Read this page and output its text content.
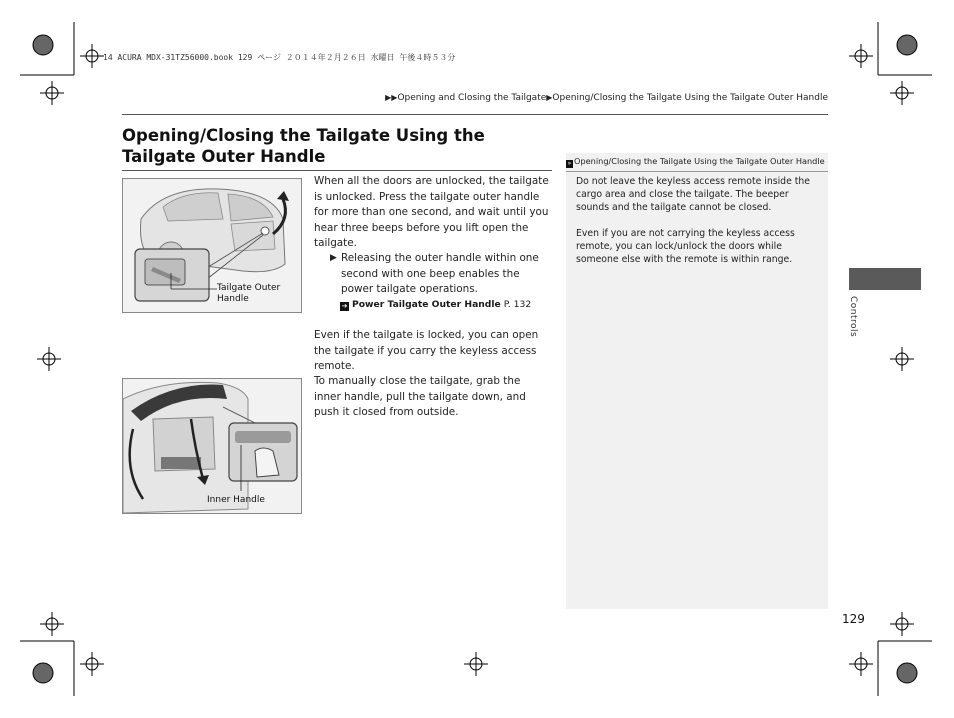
14 ACURA MDX-31TZ56000.book 129 ページ ２０１４年２月２６日 水曜日 午後４時５３分
▶▶Opening and Closing the Tailgate▶Opening/Closing the Tailgate Using the Tailgate Outer Handle
Opening/Closing the Tailgate Using the Tailgate Outer Handle
Tailgate Outer Handle
Inner Handle
When all the doors are unlocked, the tailgate is unlocked. Press the tailgate outer handle for more than one second, and wait until you hear three beeps before you lift open the tailgate.
▶ Releasing the outer handle within one second with one beep enables the power tailgate operations.
➔ Power Tailgate Outer Handle P. 132
Even if the tailgate is locked, you can open the tailgate if you carry the keyless access remote.
To manually close the tailgate, grab the inner handle, pull the tailgate down, and push it closed from outside.
» Opening/Closing the Tailgate Using the Tailgate Outer Handle
Do not leave the keyless access remote inside the cargo area and close the tailgate. The beeper sounds and the tailgate cannot be closed.
Even if you are not carrying the keyless access remote, you can lock/unlock the doors while someone else with the remote is within range.
Controls
129
